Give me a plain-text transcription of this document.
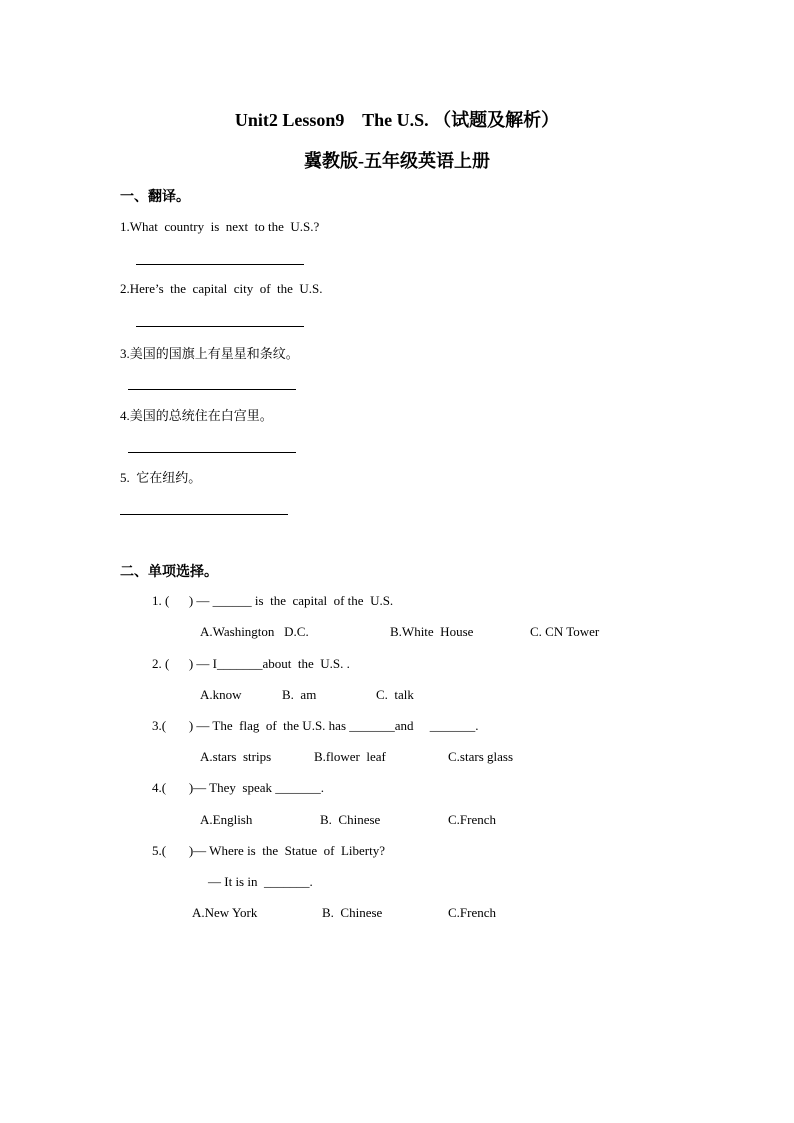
Unit2 Lesson9    The U.S. （试题及解析）
冀教版-五年级英语上册
一、翻译。
1.What  country  is  next  to the  U.S.?
2.Here’s  the  capital  city  of  the  U.S.
3.美国的国旗上有星星和条纹。
4.美国的总统住在白宫里。
5.  它在纽约。
二、单项选择。
1. (      ) — ______ is  the  capital  of the  U.S.
A.Washington   D.C.	B.White  House	C. CN Tower
2. (      ) — I_______about  the  U.S. .
A.know	B.  am	C.  talk
3.(       ) — The  flag  of  the U.S. has _______and     _______.
A.stars  strips	B.flower  leaf	C.stars glass
4.(       )— They  speak _______.
A.English	B.  Chinese	C.French
5.(       )— Where is  the  Statue  of  Liberty?
— It is in  _______.
A.New York	B.  Chinese	C.French
